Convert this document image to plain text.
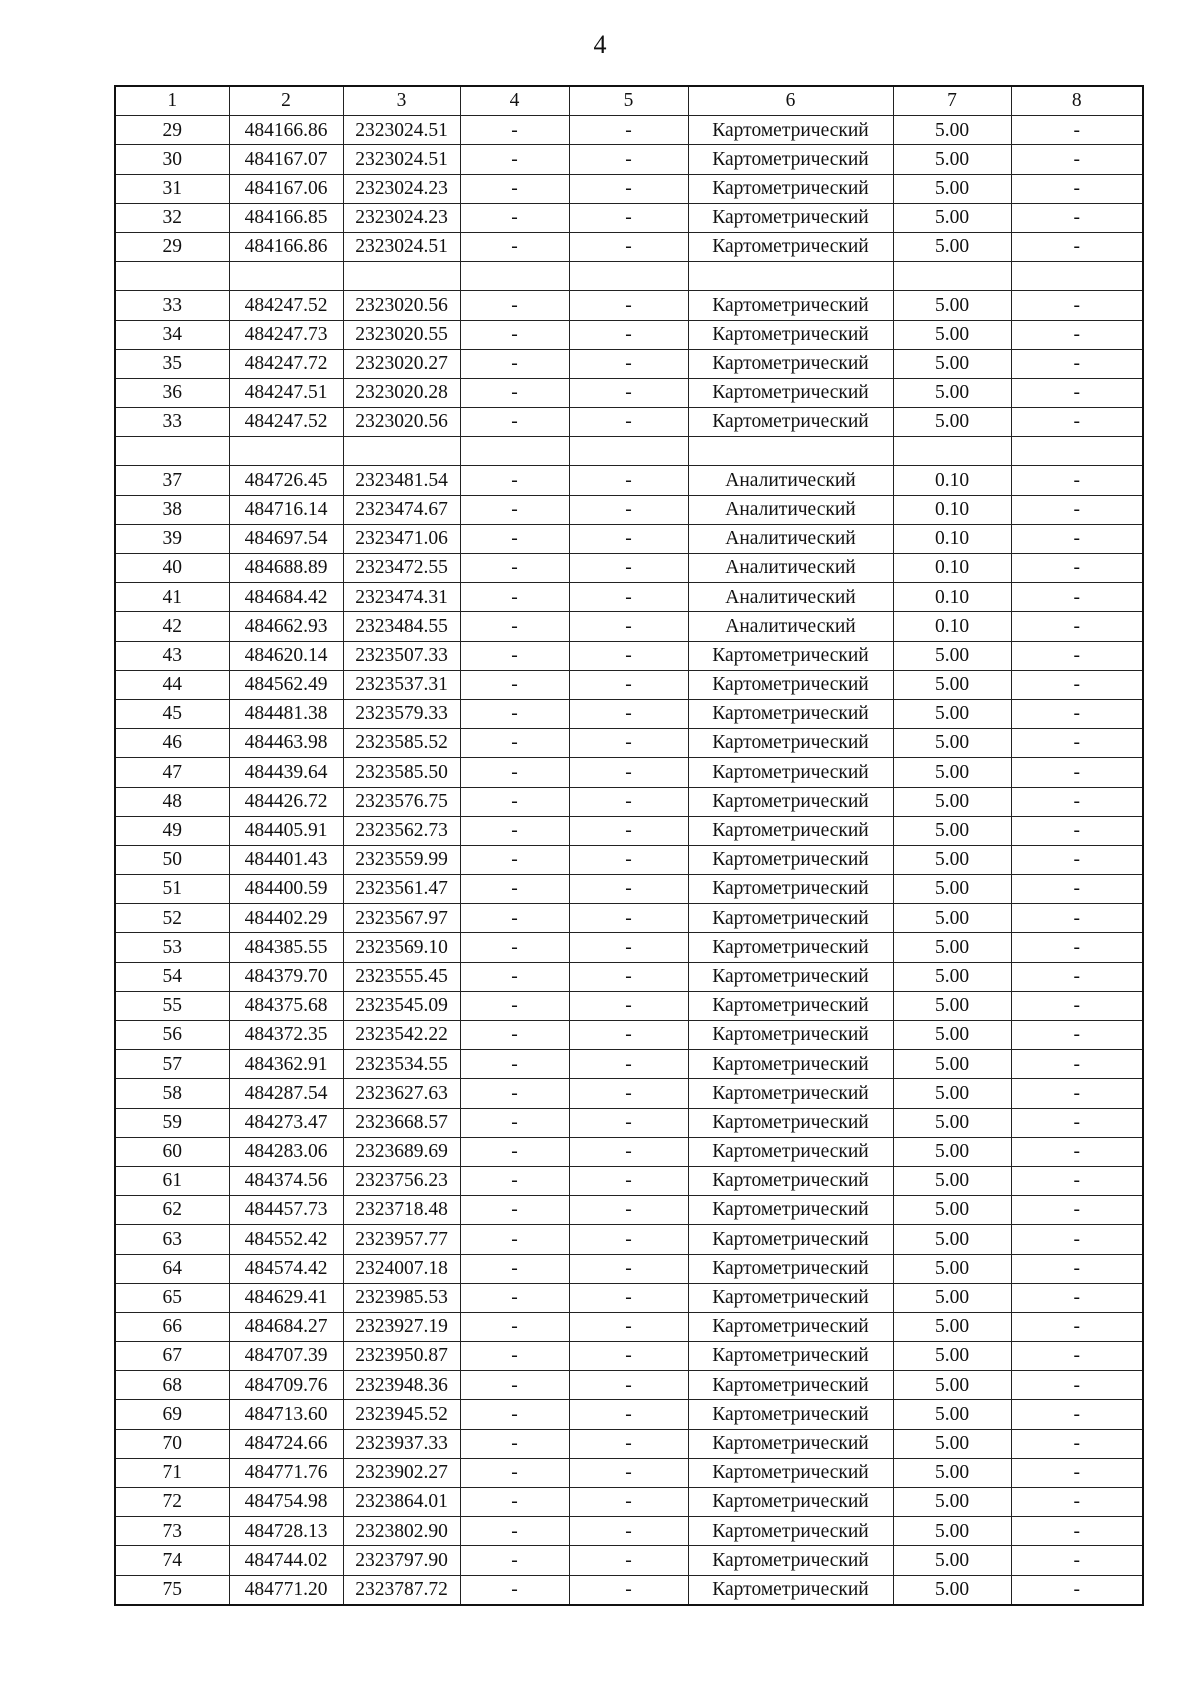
4
1	2	3	4	5	6	7	8
29	484166.86	2323024.51	-	-	Картометрический	5.00	-
30	484167.07	2323024.51	-	-	Картометрический	5.00	-
31	484167.06	2323024.23	-	-	Картометрический	5.00	-
32	484166.85	2323024.23	-	-	Картометрический	5.00	-
29	484166.86	2323024.51	-	-	Картометрический	5.00	-

33	484247.52	2323020.56	-	-	Картометрический	5.00	-
34	484247.73	2323020.55	-	-	Картометрический	5.00	-
35	484247.72	2323020.27	-	-	Картометрический	5.00	-
36	484247.51	2323020.28	-	-	Картометрический	5.00	-
33	484247.52	2323020.56	-	-	Картометрический	5.00	-

37	484726.45	2323481.54	-	-	Аналитический	0.10	-
38	484716.14	2323474.67	-	-	Аналитический	0.10	-
39	484697.54	2323471.06	-	-	Аналитический	0.10	-
40	484688.89	2323472.55	-	-	Аналитический	0.10	-
41	484684.42	2323474.31	-	-	Аналитический	0.10	-
42	484662.93	2323484.55	-	-	Аналитический	0.10	-
43	484620.14	2323507.33	-	-	Картометрический	5.00	-
44	484562.49	2323537.31	-	-	Картометрический	5.00	-
45	484481.38	2323579.33	-	-	Картометрический	5.00	-
46	484463.98	2323585.52	-	-	Картометрический	5.00	-
47	484439.64	2323585.50	-	-	Картометрический	5.00	-
48	484426.72	2323576.75	-	-	Картометрический	5.00	-
49	484405.91	2323562.73	-	-	Картометрический	5.00	-
50	484401.43	2323559.99	-	-	Картометрический	5.00	-
51	484400.59	2323561.47	-	-	Картометрический	5.00	-
52	484402.29	2323567.97	-	-	Картометрический	5.00	-
53	484385.55	2323569.10	-	-	Картометрический	5.00	-
54	484379.70	2323555.45	-	-	Картометрический	5.00	-
55	484375.68	2323545.09	-	-	Картометрический	5.00	-
56	484372.35	2323542.22	-	-	Картометрический	5.00	-
57	484362.91	2323534.55	-	-	Картометрический	5.00	-
58	484287.54	2323627.63	-	-	Картометрический	5.00	-
59	484273.47	2323668.57	-	-	Картометрический	5.00	-
60	484283.06	2323689.69	-	-	Картометрический	5.00	-
61	484374.56	2323756.23	-	-	Картометрический	5.00	-
62	484457.73	2323718.48	-	-	Картометрический	5.00	-
63	484552.42	2323957.77	-	-	Картометрический	5.00	-
64	484574.42	2324007.18	-	-	Картометрический	5.00	-
65	484629.41	2323985.53	-	-	Картометрический	5.00	-
66	484684.27	2323927.19	-	-	Картометрический	5.00	-
67	484707.39	2323950.87	-	-	Картометрический	5.00	-
68	484709.76	2323948.36	-	-	Картометрический	5.00	-
69	484713.60	2323945.52	-	-	Картометрический	5.00	-
70	484724.66	2323937.33	-	-	Картометрический	5.00	-
71	484771.76	2323902.27	-	-	Картометрический	5.00	-
72	484754.98	2323864.01	-	-	Картометрический	5.00	-
73	484728.13	2323802.90	-	-	Картометрический	5.00	-
74	484744.02	2323797.90	-	-	Картометрический	5.00	-
75	484771.20	2323787.72	-	-	Картометрический	5.00	-
